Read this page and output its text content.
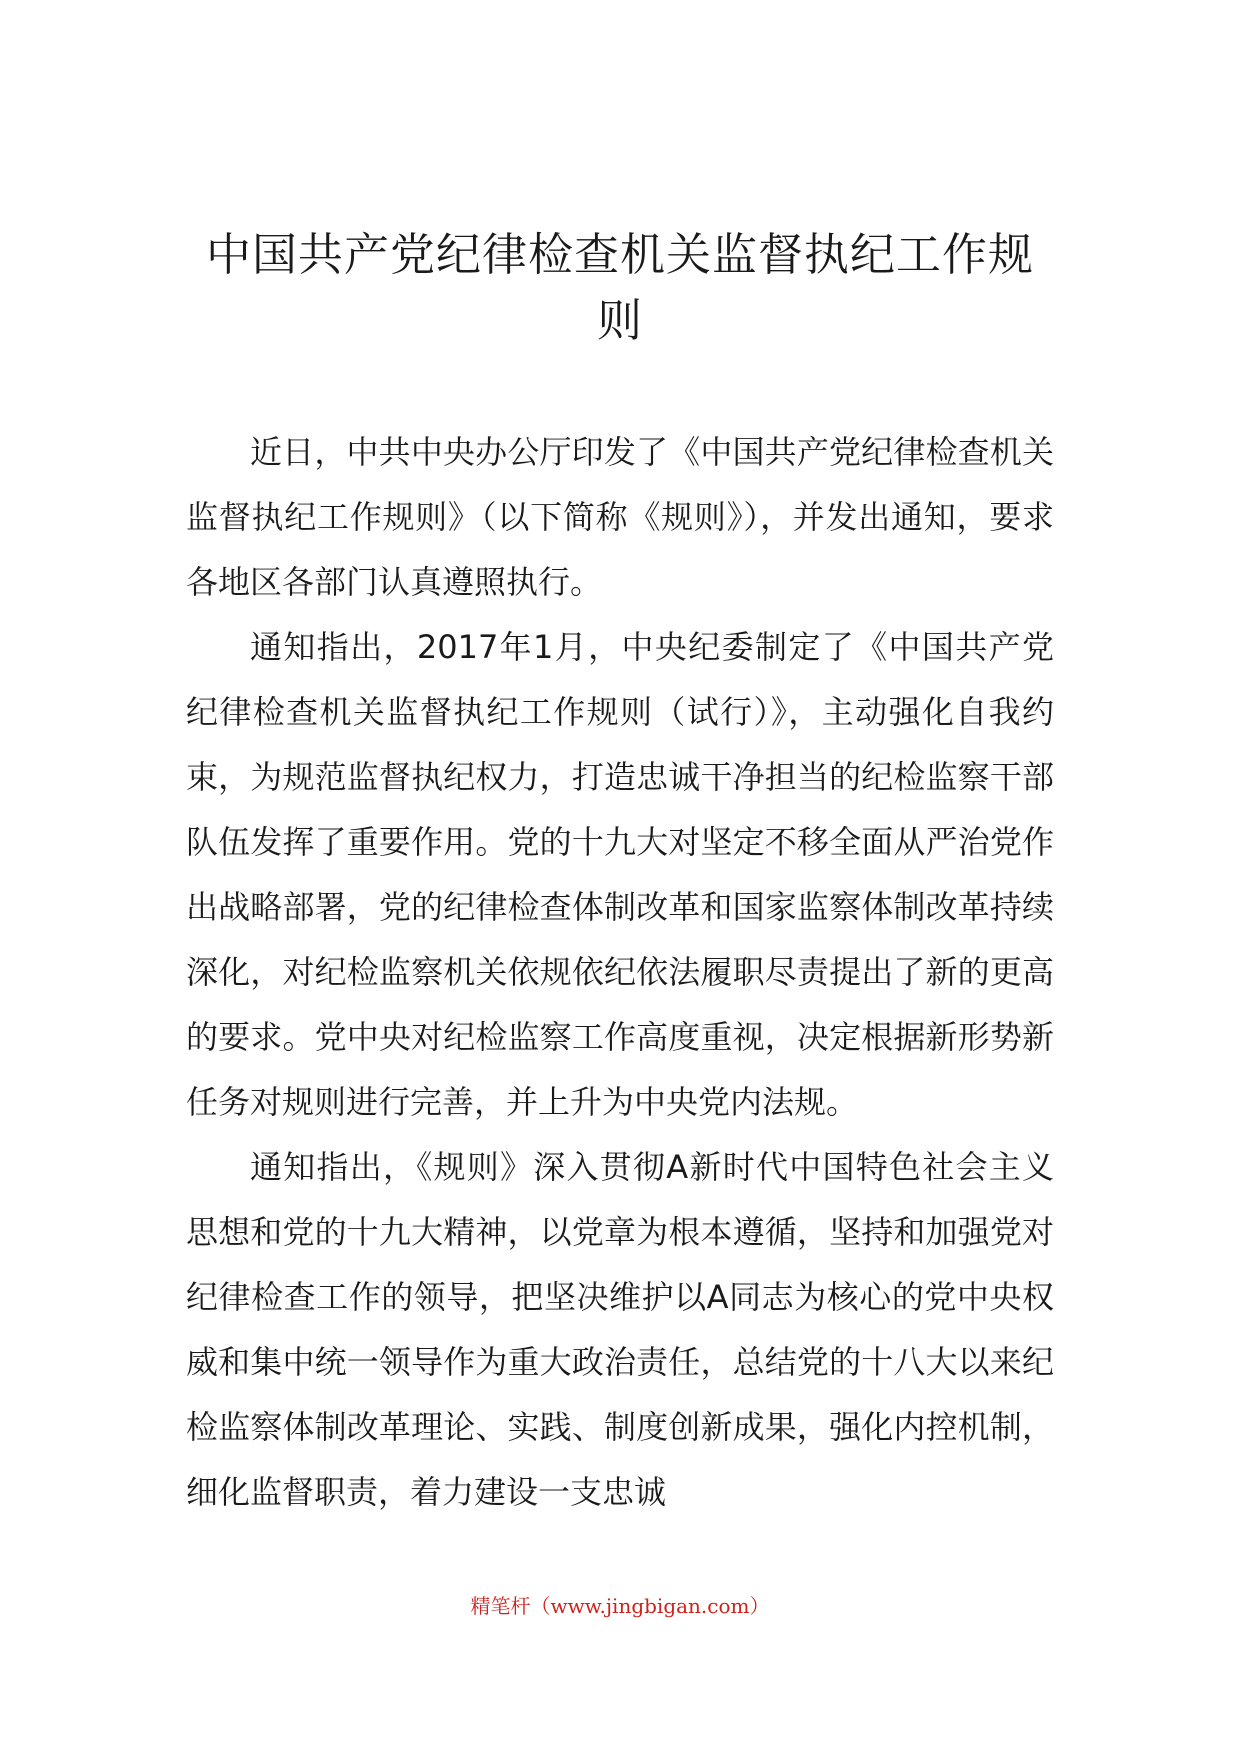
中国共产党纪律检查机关监督执纪工作规则

近日，中共中央办公厅印发了《中国共产党纪律检查机关监督执纪工作规则》（以下简称《规则》），并发出通知，要求各地区各部门认真遵照执行。

通知指出，2017年1月，中央纪委制定了《中国共产党纪律检查机关监督执纪工作规则（试行）》，主动强化自我约束，为规范监督执纪权力，打造忠诚干净担当的纪检监察干部队伍发挥了重要作用。党的十九大对坚定不移全面从严治党作出战略部署，党的纪律检查体制改革和国家监察体制改革持续深化，对纪检监察机关依规依纪依法履职尽责提出了新的更高的要求。党中央对纪检监察工作高度重视，决定根据新形势新任务对规则进行完善，并上升为中央党内法规。

通知指出，《规则》深入贯彻A新时代中国特色社会主义思想和党的十九大精神，以党章为根本遵循，坚持和加强党对纪律检查工作的领导，把坚决维护以A同志为核心的党中央权威和集中统一领导作为重大政治责任，总结党的十八大以来纪检监察体制改革理论、实践、制度创新成果，强化内控机制，细化监督职责，着力建设一支忠诚

精笔杆（www.jingbigan.com）
